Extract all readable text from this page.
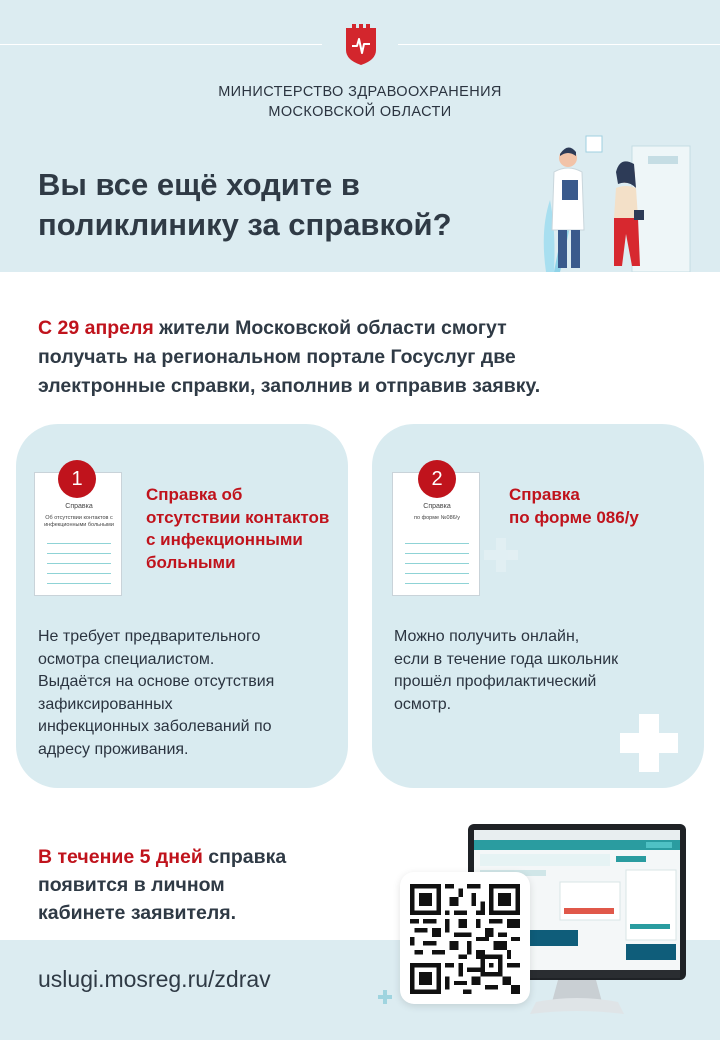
МИНИСТЕРСТВО ЗДРАВООХРАНЕНИЯ
МОСКОВСКОЙ ОБЛАСТИ
Вы все ещё ходите в
поликлинику за справкой?
С 29 апреля жители Московской области смогут
получать на региональном портале Госуслуг две
электронные справки, заполнив и отправив заявку.
Справка
Об отсутствии контактов с инфекционными больными
1
Справка об
отсутствии контактов
с инфекционными
больными
Не требует предварительного
осмотра специалистом.
Выдаётся на основе отсутствия
зафиксированных
инфекционных заболеваний по
адресу проживания.
Справка
по форме №086/у
2
Справка
по форме 086/у
Можно получить онлайн,
если в течение года школьник
прошёл профилактический
осмотр.
В течение 5 дней справка
появится в личном
кабинете заявителя.
uslugi.mosreg.ru/zdrav
